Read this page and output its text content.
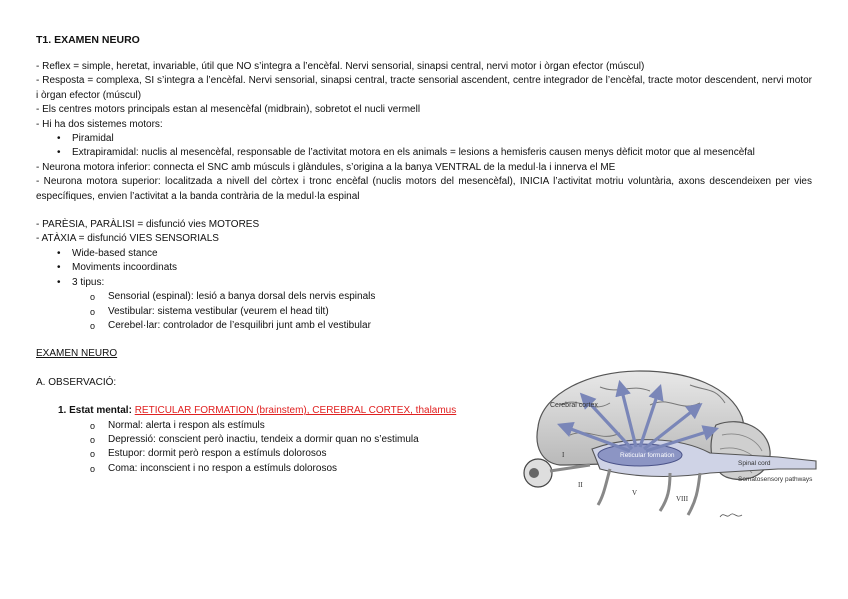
T1. EXAMEN NEURO
- Reflex = simple, heretat, invariable, útil que NO s’integra a l’encèfal. Nervi sensorial, sinapsi central, nervi motor i òrgan efector (múscul)
- Resposta = complexa, SI s’integra a l’encèfal. Nervi sensorial, sinapsi central, tracte sensorial ascendent, centre integrador de l’encèfal, tracte motor descendent, nervi motor i òrgan efector (múscul)
- Els centres motors principals estan al mesencèfal (midbrain), sobretot el nucli vermell
- Hi ha dos sistemes motors:
• Piramidal
• Extrapiramidal: nuclis al mesencèfal, responsable de l’activitat motora en els animals = lesions a hemisferis causen menys dèficit motor que al mesencèfal
- Neurona motora inferior: connecta el SNC amb músculs i glàndules, s’origina a la banya VENTRAL de la medul·la i innerva el ME
- Neurona motora superior: localitzada a nivell del còrtex i tronc encèfal (nuclis motors del mesencèfal), INICIA l’activitat motriu voluntària, axons descendeixen per vies específiques, envien l’activitat a la banda contrària de la medul·la espinal
- PARÈSIA, PARÀLISI = disfunció vies MOTORES
- ATÀXIA = disfunció VIES SENSORIALS
• Wide-based stance
• Moviments incoordinats
• 3 tipus:
o Sensorial (espinal): lesió a banya dorsal dels nervis espinals
o Vestibular: sistema vestibular (veurem el head tilt)
o Cerebel·lar: controlador de l’esquilibri junt amb el vestibular
EXAMEN NEURO
A. OBSERVACIÓ:
1. Estat mental: RETICULAR FORMATION (brainstem), CEREBRAL CORTEX, thalamus
o Normal: alerta i respon als estímuls
o Depressió: conscient però inactiu, tendeix a dormir quan no s’estimula
o Estupor: dormit però respon a estímuls dolorosos
o Coma: inconscient i no respon a estímuls dolorosos
Cerebral cortex
Reticular formation
Spinal cord
Somatosensory pathways
I
II
V
VIII
